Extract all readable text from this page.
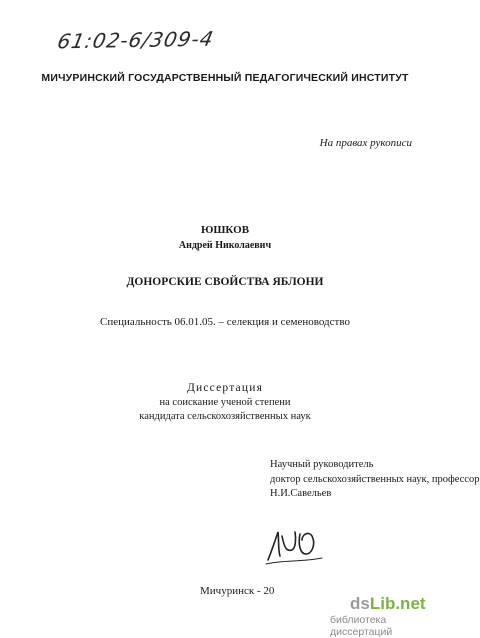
61:02-6/309-4
МИЧУРИНСКИЙ ГОСУДАРСТВЕННЫЙ ПЕДАГОГИЧЕСКИЙ ИНСТИТУТ
На правах рукописи
ЮШКОВ
Андрей Николаевич
ДОНОРСКИЕ СВОЙСТВА ЯБЛОНИ
Специальность 06.01.05. – селекция и семеноводство
Диссертация
на соискание ученой степени
кандидата сельскохозяйственных наук
Научный руководитель
доктор сельскохозяйственных наук, профессор
Н.И.Савельев
Мичуринск - 20
dsLib.net
библиотека диссертаций
